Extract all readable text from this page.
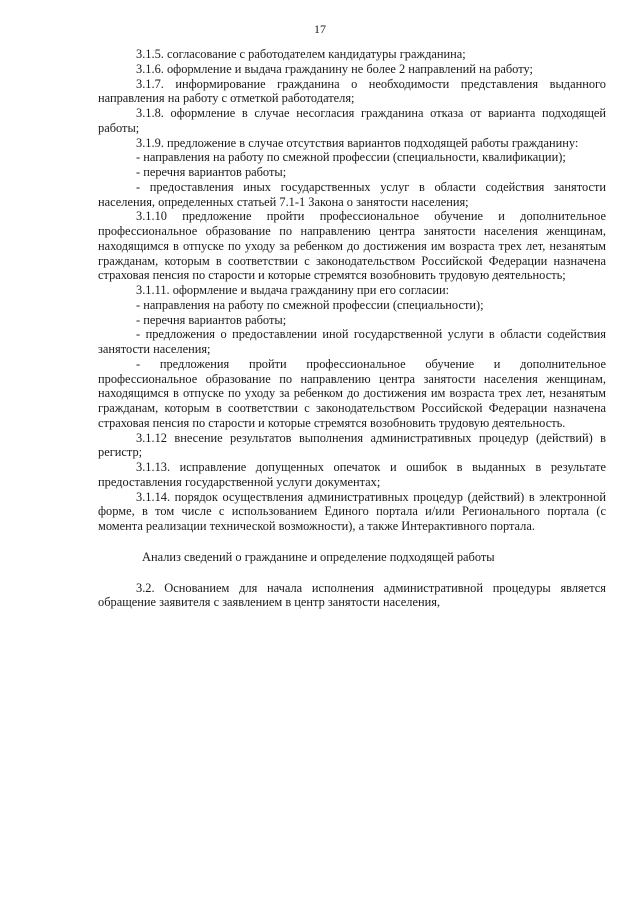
17

3.1.5. согласование с работодателем кандидатуры гражданина;

3.1.6. оформление и выдача гражданину не более 2 направлений на работу;

3.1.7. информирование гражданина о необходимости представления выданного направления на работу с отметкой работодателя;

3.1.8. оформление в случае несогласия гражданина отказа от варианта подходящей работы;

3.1.9. предложение в случае отсутствия вариантов подходящей работы гражданину:

- направления на работу по смежной профессии (специальности, квалификации);

- перечня вариантов работы;

- предоставления иных государственных услуг в области содействия занятости населения, определенных статьей 7.1-1 Закона о занятости населения;

3.1.10 предложение пройти профессиональное обучение и дополнительное профессиональное образование по направлению центра занятости населения женщинам, находящимся в отпуске по уходу за ребенком до достижения им возраста трех лет, незанятым гражданам, которым в соответствии с законодательством Российской Федерации назначена страховая пенсия по старости и которые стремятся возобновить трудовую деятельность;

3.1.11. оформление и выдача гражданину при его согласии:

- направления на работу по смежной профессии (специальности);

- перечня вариантов работы;

- предложения о предоставлении иной государственной услуги в области содействия занятости населения;

- предложения пройти профессиональное обучение и дополнительное профессиональное образование по направлению центра занятости населения женщинам, находящимся в отпуске по уходу за ребенком до достижения им возраста трех лет, незанятым гражданам, которым в соответствии с законодательством Российской Федерации назначена страховая пенсия по старости и которые стремятся возобновить трудовую деятельность.

3.1.12 внесение результатов выполнения административных процедур (действий) в регистр;

3.1.13. исправление допущенных опечаток и ошибок в выданных в результате предоставления государственной услуги документах;

3.1.14. порядок осуществления административных процедур (действий) в электронной форме, в том числе с использованием Единого портала и/или Регионального портала (с момента реализации технической возможности), а также Интерактивного портала.

Анализ сведений о гражданине и определение подходящей работы

3.2. Основанием для начала исполнения административной процедуры является обращение заявителя с заявлением в центр занятости населения,
